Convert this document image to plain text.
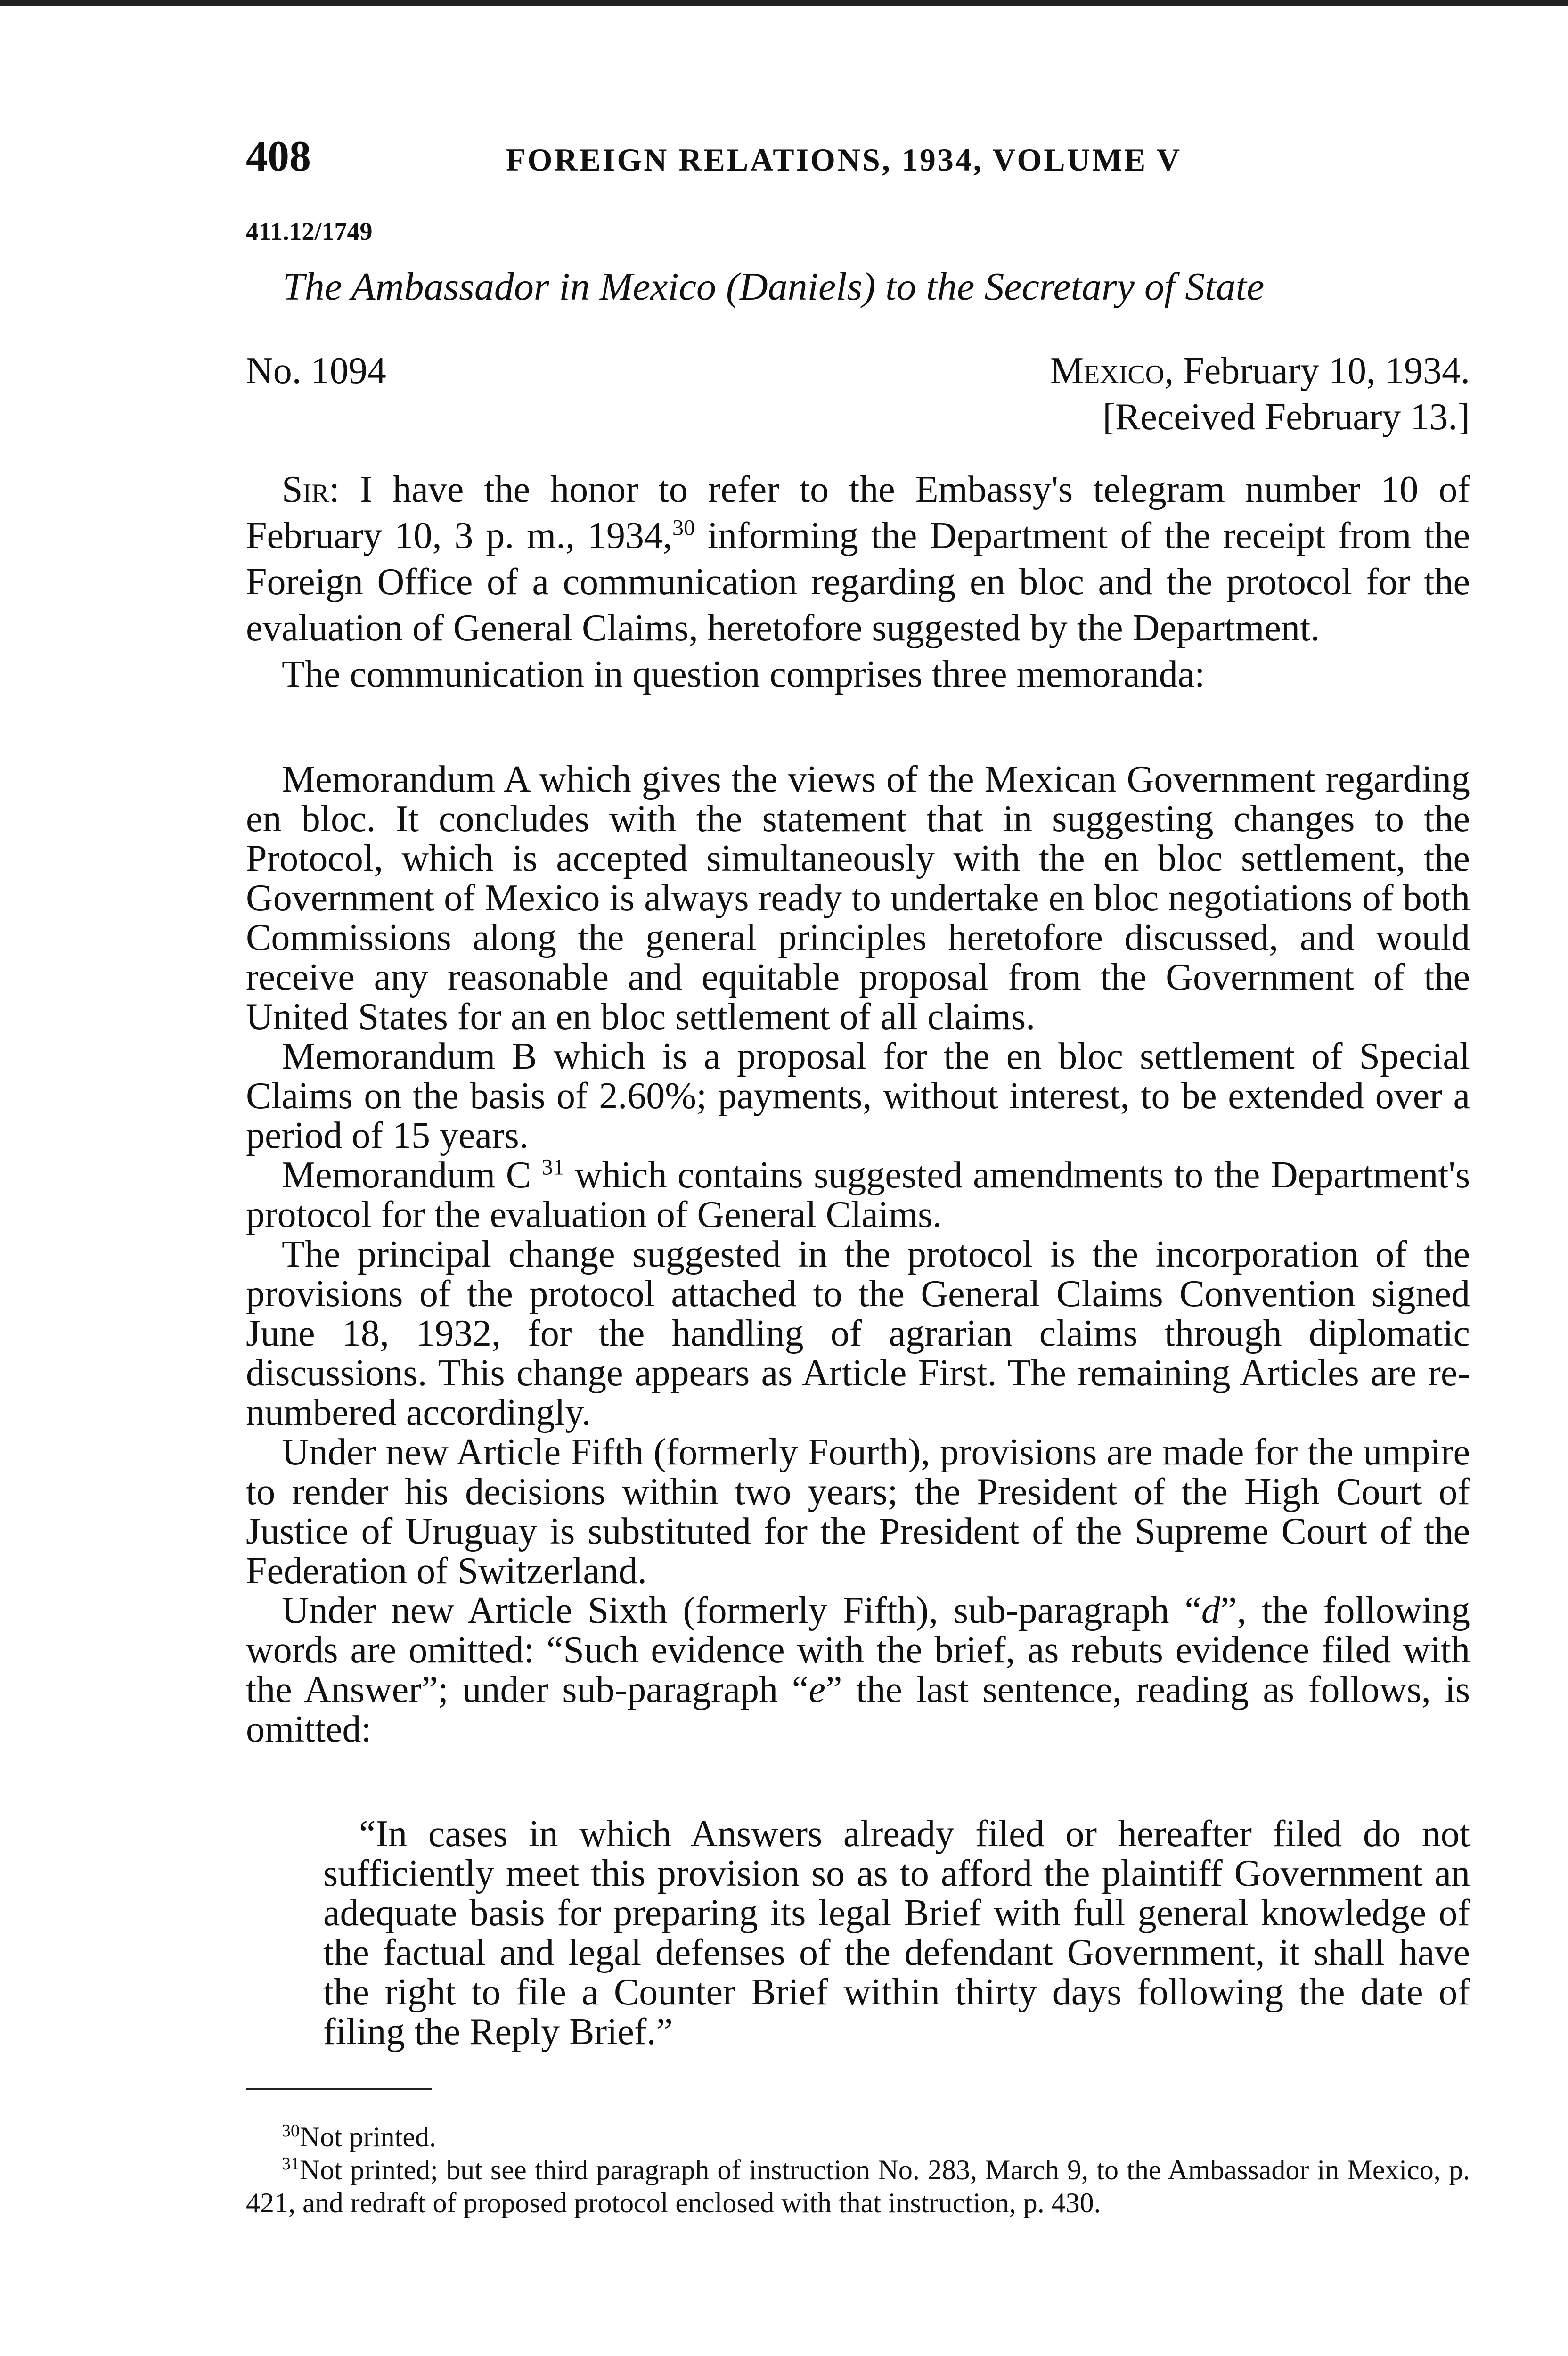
408	FOREIGN RELATIONS, 1934, VOLUME V
411.12/1749
The Ambassador in Mexico (Daniels) to the Secretary of State
No. 1094	Mexico, February 10, 1934.
[Received February 13.]

Sir: I have the honor to refer to the Embassy's telegram number 10 of February 10, 3 p. m., 1934,30 informing the Department of the receipt from the Foreign Office of a communication regarding en bloc and the protocol for the evaluation of General Claims, heretofore suggested by the Department.

The communication in question comprises three memoranda:

Memorandum A which gives the views of the Mexican Government regarding en bloc. It concludes with the statement that in suggesting changes to the Protocol, which is accepted simultaneously with the en bloc settlement, the Government of Mexico is always ready to undertake en bloc negotiations of both Commissions along the general principles heretofore discussed, and would receive any reasonable and equitable proposal from the Government of the United States for an en bloc settlement of all claims.

Memorandum B which is a proposal for the en bloc settlement of Special Claims on the basis of 2.60%; payments, without interest, to be extended over a period of 15 years.

Memorandum C $^{31}$ which contains suggested amendments to the Department's protocol for the evaluation of General Claims.

The principal change suggested in the protocol is the incorporation of the provisions of the protocol attached to the General Claims Convention signed June 18, 1932, for the handling of agrarian claims through diplomatic discussions. This change appears as Article First. The remaining Articles are re-numbered accordingly.

Under new Article Fifth (formerly Fourth), provisions are made for the umpire to render his decisions within two years; the President of the High Court of Justice of Uruguay is substituted for the President of the Supreme Court of the Federation of Switzerland.

Under new Article Sixth (formerly Fifth), sub-paragraph “d”, the following words are omitted: “Such evidence with the brief, as rebuts evidence filed with the Answer”; under sub-paragraph “e” the last sentence, reading as follows, is omitted:

“In cases in which Answers already filed or hereafter filed do not sufficiently meet this provision so as to afford the plaintiff Government an adequate basis for preparing its legal Brief with full general knowledge of the factual and legal defenses of the defendant Government, it shall have the right to file a Counter Brief within thirty days following the date of filing the Reply Brief.”

$^{30}$Not printed.

$^{31}$Not printed; but see third paragraph of instruction No. 283, March 9, to the Ambassador in Mexico, p. 421, and redraft of proposed protocol enclosed with that instruction, p. 430.
